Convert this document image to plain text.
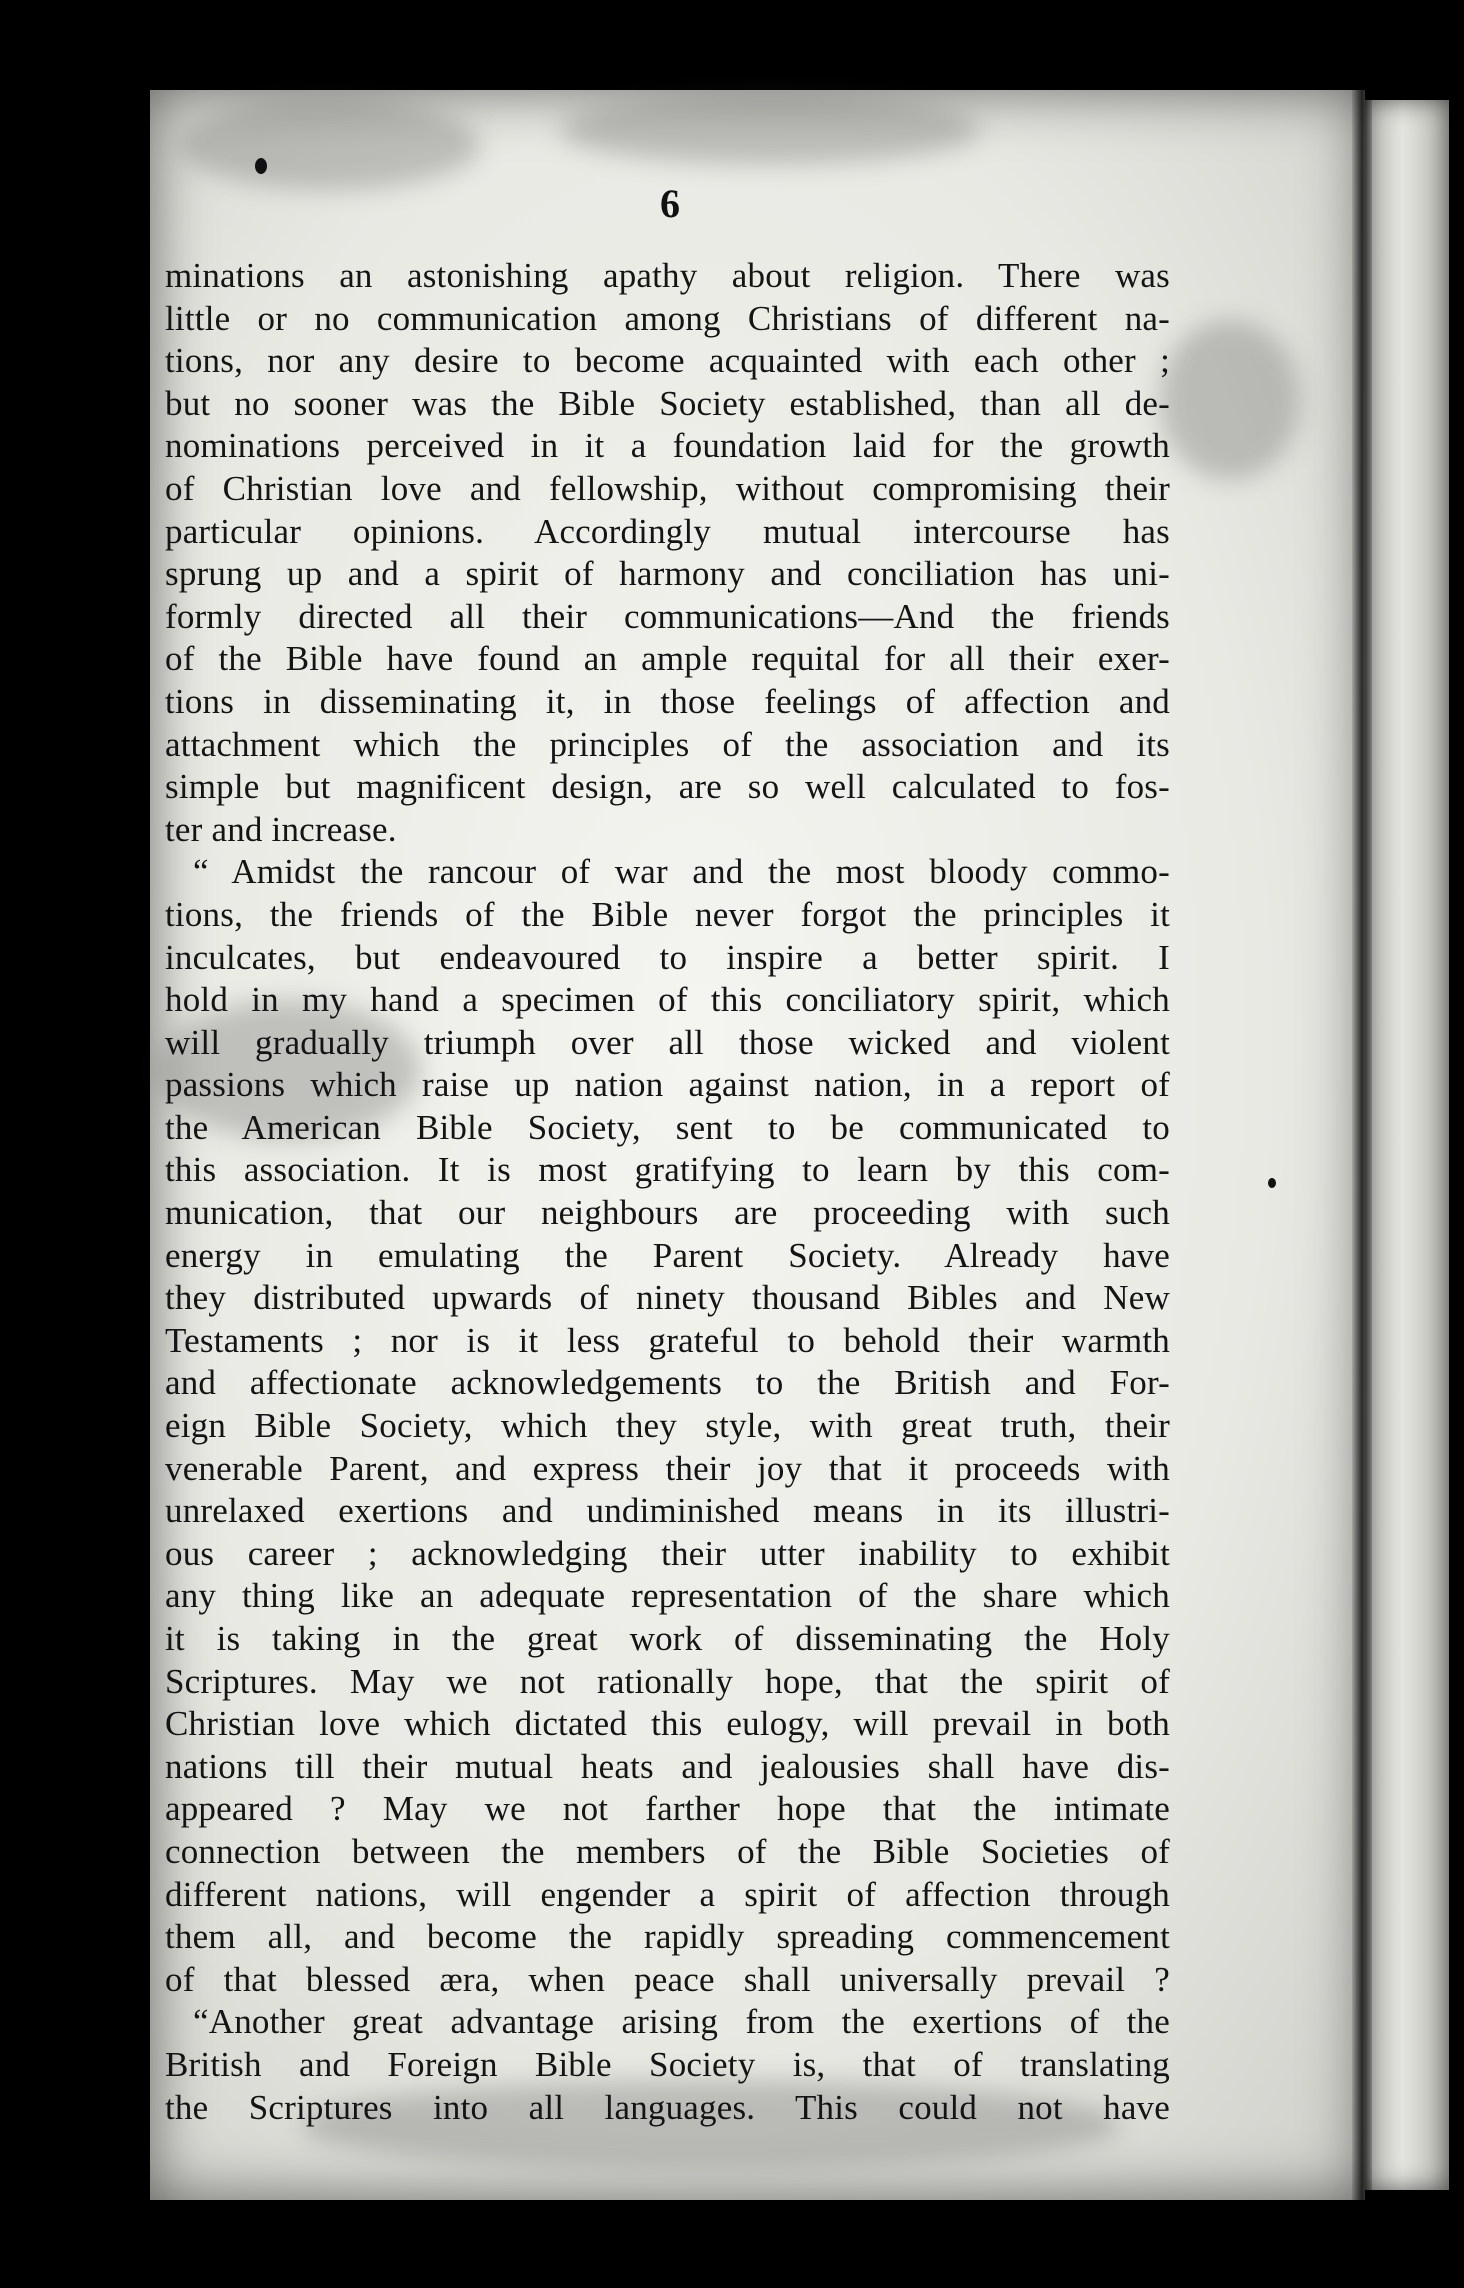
6
minations an astonishing apathy about religion. There was
little or no communication among Christians of different na-
tions, nor any desire to become acquainted with each other ;
but no sooner was the Bible Society established, than all de-
nominations perceived in it a foundation laid for the growth
of Christian love and fellowship, without compromising their
particular opinions. Accordingly mutual intercourse has
sprung up and a spirit of harmony and conciliation has uni-
formly directed all their communications—And the friends
of the Bible have found an ample requital for all their exer-
tions in disseminating it, in those feelings of affection and
attachment which the principles of the association and its
simple but magnificent design, are so well calculated to fos-
ter and increase.
“ Amidst the rancour of war and the most bloody commo-
tions, the friends of the Bible never forgot the principles it
inculcates, but endeavoured to inspire a better spirit. I
hold in my hand a specimen of this conciliatory spirit, which
will gradually triumph over all those wicked and violent
passions which raise up nation against nation, in a report of
the American Bible Society, sent to be communicated to
this association. It is most gratifying to learn by this com-
munication, that our neighbours are proceeding with such
energy in emulating the Parent Society. Already have
they distributed upwards of ninety thousand Bibles and New
Testaments ; nor is it less grateful to behold their warmth
and affectionate acknowledgements to the British and For-
eign Bible Society, which they style, with great truth, their
venerable Parent, and express their joy that it proceeds with
unrelaxed exertions and undiminished means in its illustri-
ous career ; acknowledging their utter inability to exhibit
any thing like an adequate representation of the share which
it is taking in the great work of disseminating the Holy
Scriptures. May we not rationally hope, that the spirit of
Christian love which dictated this eulogy, will prevail in both
nations till their mutual heats and jealousies shall have dis-
appeared ? May we not farther hope that the intimate
connection between the members of the Bible Societies of
different nations, will engender a spirit of affection through
them all, and become the rapidly spreading commencement
of that blessed æra, when peace shall universally prevail ?
“Another great advantage arising from the exertions of the
British and Foreign Bible Society is, that of translating
the Scriptures into all languages. This could not have
